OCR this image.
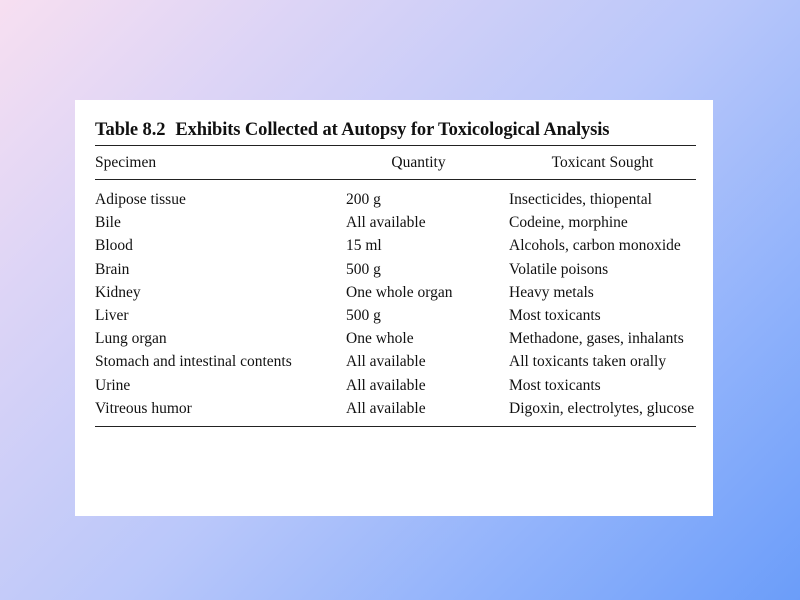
Table 8.2 Exhibits Collected at Autopsy for Toxicological Analysis

Specimen	Quantity	Toxicant Sought
Adipose tissue	200 g	Insecticides, thiopental
Bile	All available	Codeine, morphine
Blood	15 ml	Alcohols, carbon monoxide
Brain	500 g	Volatile poisons
Kidney	One whole organ	Heavy metals
Liver	500 g	Most toxicants
Lung organ	One whole	Methadone, gases, inhalants
Stomach and intestinal contents	All available	All toxicants taken orally
Urine	All available	Most toxicants
Vitreous humor	All available	Digoxin, electrolytes, glucose
